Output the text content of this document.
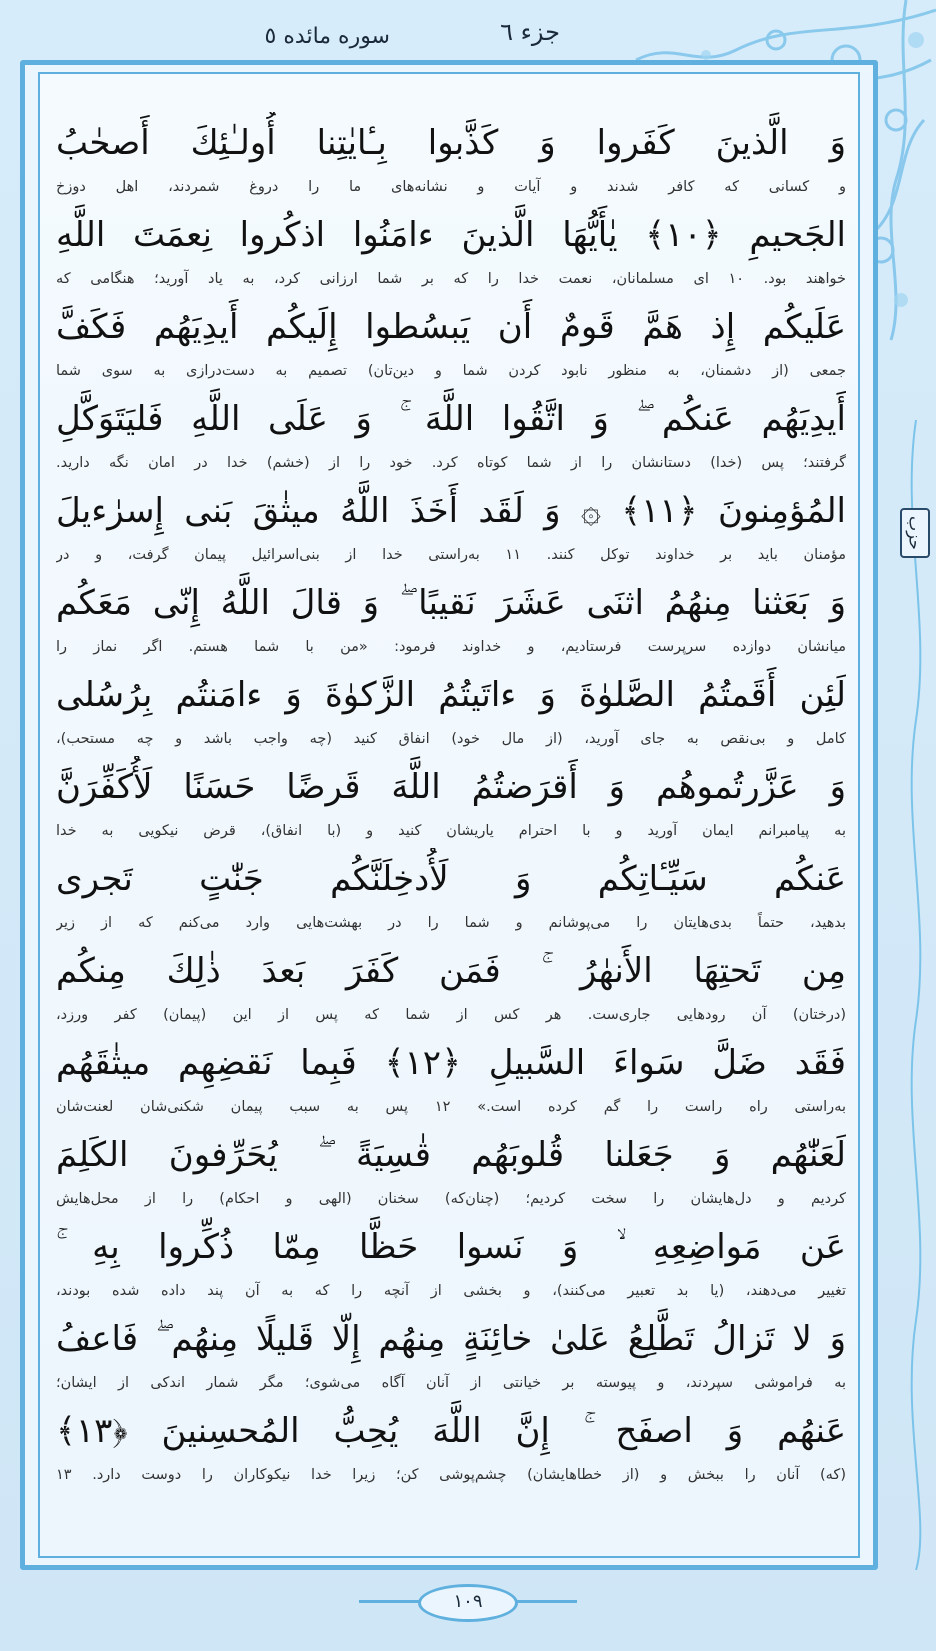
جزء ٦
سوره مائده ٥
حزب
وَ الَّذينَ كَفَروا وَ كَذَّبوا بِـٔايٰتِنا أُولـٰئِكَ أَصحٰبُ
و کسانی که کافر شدند و آیات و نشانه‌های ما را دروغ شمردند، اهل دوزخ
الجَحيمِ ﴿١٠﴾ يٰأَيُّهَا الَّذينَ ءامَنُوا اذكُروا نِعمَتَ اللَّهِ
خواهند بود. ۱۰ ای مسلمانان، نعمت خدا را که بر شما ارزانی کرد، به یاد آورید؛ هنگامی که
عَلَيكُم إِذ هَمَّ قَومٌ أَن يَبسُطوا إِلَيكُم أَيدِيَهُم فَكَفَّ
جمعی (از دشمنان، به منظور نابود کردن شما و دین‌تان) تصمیم به دست‌درازی به سوی شما
أَيدِيَهُم عَنكُم ۖ وَ اتَّقُوا اللَّهَ ۚ وَ عَلَى اللَّهِ فَليَتَوَكَّلِ
گرفتند؛ پس (خدا) دستانشان را از شما کوتاه کرد. خود را از (خشم) خدا در امان نگه دارید.
المُؤمِنونَ ﴿١١﴾ ۞ وَ لَقَد أَخَذَ اللَّهُ ميثٰقَ بَنى إِسرٰءيلَ
مؤمنان باید بر خداوند توکل کنند. ۱۱ به‌راستی خدا از بنی‌اسرائیل پیمان گرفت، و در
وَ بَعَثنا مِنهُمُ اثنَى عَشَرَ نَقيبًا ۖ وَ قالَ اللَّهُ إِنّى مَعَكُم
میانشان دوازده سرپرست فرستادیم، و خداوند فرمود: «من با شما هستم. اگر نماز را
لَئِن أَقَمتُمُ الصَّلوٰةَ وَ ءاتَيتُمُ الزَّكوٰةَ وَ ءامَنتُم بِرُسُلى
کامل و بی‌نقص به جای آورید، (از مال خود) انفاق کنید (چه واجب باشد و چه مستحب)،
وَ عَزَّرتُموهُم وَ أَقرَضتُمُ اللَّهَ قَرضًا حَسَنًا لَأُكَفِّرَنَّ
به پیامبرانم ایمان آورید و با احترام یاریشان کنید و (با انفاق)، قرض نیکویی به خدا
عَنكُم سَيِّـٔاتِكُم وَ لَأُدخِلَنَّكُم جَنّٰتٍ تَجرى
بدهید، حتماً بدی‌هایتان را می‌پوشانم و شما را در بهشت‌هایی وارد می‌کنم که از زیر
مِن تَحتِهَا الأَنهٰرُ ۚ فَمَن كَفَرَ بَعدَ ذٰلِكَ مِنكُم
(درختان) آن رودهایی جاری‌ست. هر کس از شما که پس از این (پیمان) کفر ورزد،
فَقَد ضَلَّ سَواءَ السَّبيلِ ﴿١٢﴾ فَبِما نَقضِهِم ميثٰقَهُم
به‌راستی راه راست را گم کرده است.» ۱۲ پس به سبب پیمان شکنی‌شان لعنت‌شان
لَعَنّٰهُم وَ جَعَلنا قُلوبَهُم قٰسِيَةً ۖ يُحَرِّفونَ الكَلِمَ
کردیم و دل‌هایشان را سخت کردیم؛ (چنان‌که) سخنان (الهی و احکام) را از محل‌هایش
عَن مَواضِعِهِ ۙ وَ نَسوا حَظًّا مِمّا ذُكِّروا بِهِ ۚ
تغییر می‌دهند، (یا بد تعبیر می‌کنند)، و بخشی از آنچه را که به آن پند داده شده بودند،
وَ لا تَزالُ تَطَّلِعُ عَلىٰ خائِنَةٍ مِنهُم إِلّا قَليلًا مِنهُم ۖ فَاعفُ
به فراموشی سپردند، و پیوسته بر خیانتی از آنان آگاه می‌شوی؛ مگر شمار اندکی از ایشان؛
عَنهُم وَ اصفَح ۚ إِنَّ اللَّهَ يُحِبُّ المُحسِنينَ ﴿١٣﴾
(که) آنان را ببخش و (از خطاهایشان) چشم‌پوشی کن؛ زیرا خدا نیکوکاران را دوست دارد. ۱۳
۱۰۹
